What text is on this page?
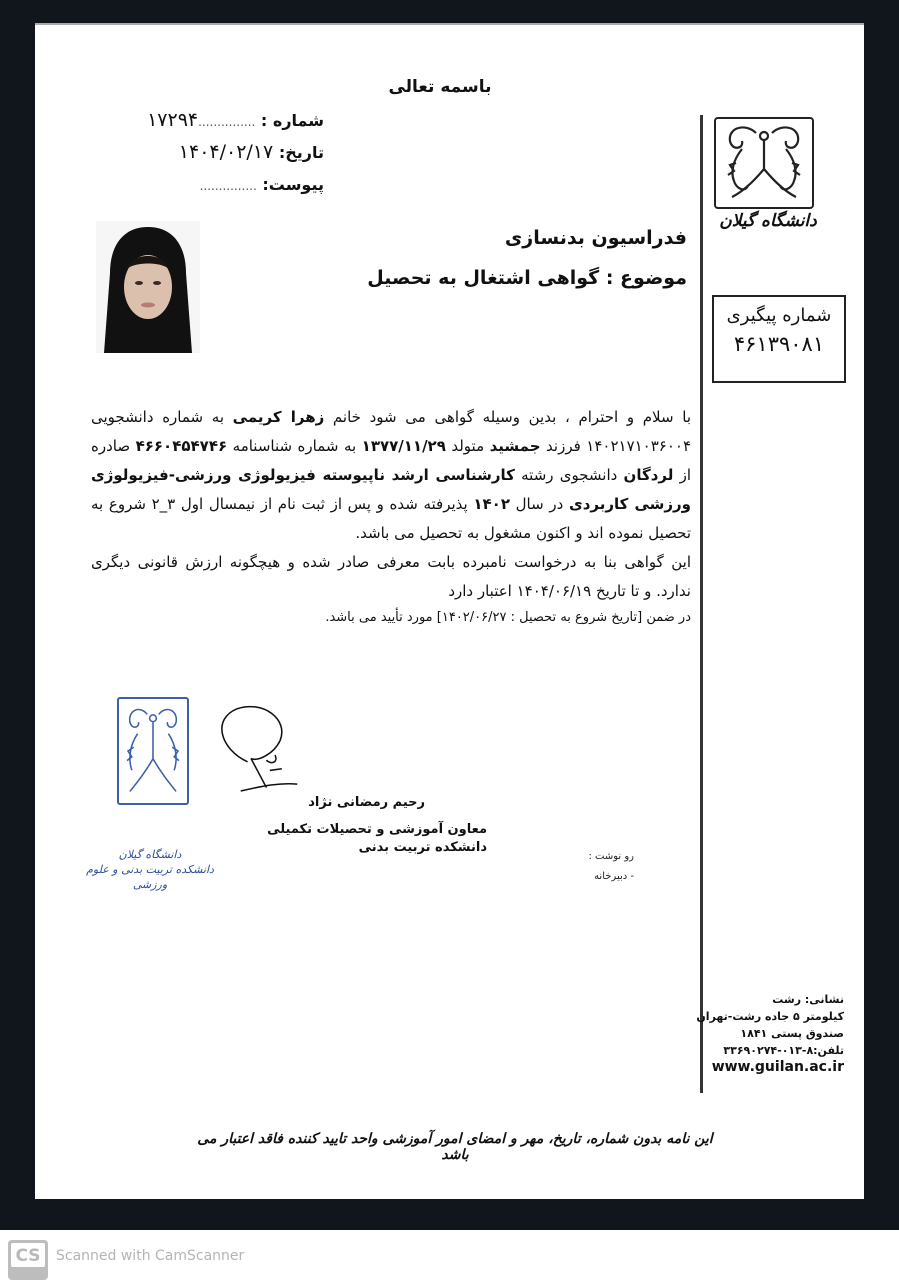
باسمه تعالی
شماره : ...............۱۷۲۹۴
تاریخ: ۱۴۰۴/۰۲/۱۷
پیوست: ...............
دانشگاه گیلان
شماره پیگیری
۴۶۱۳۹۰۸۱
فدراسیون بدنسازی
موضوع : گواهی اشتغال به تحصیل

با سلام و احترام ، بدین وسیله گواهی می شود خانم زهرا کریمی به شماره دانشجویی ۱۴۰۲۱۷۱۰۳۶۰۰۴ فرزند جمشید متولد ۱۳۷۷/۱۱/۲۹ به شماره شناسنامه ۴۶۶۰۴۵۴۷۴۶ صادره از لردگان دانشجوی رشته کارشناسی ارشد ناپیوسته فیزیولوژی ورزشی-فیزیولوژی ورزشی کاربردی در سال ۱۴۰۲ پذیرفته شده و پس از ثبت نام از نیمسال اول ۳_۲ شروع به تحصیل نموده اند و اکنون مشغول به تحصیل می باشد.

این گواهی بنا به درخواست نامبرده بابت معرفی صادر شده و هیچگونه ارزش قانونی دیگری ندارد. و تا تاریخ ۱۴۰۴/۰۶/۱۹ اعتبار دارد

در ضمن [تاریخ شروع به تحصیل : ۱۴۰۲/۰۶/۲۷] مورد تأیید می باشد.

دانشگاه گیلان
دانشکده تربیت بدنی و علوم ورزشی
رحیم رمضانی نژاد
معاون آموزشی و تحصیلات تکمیلی دانشکده تربیت بدنی
رو نوشت :
- دبیرخانه
نشانی: رشت
کیلومتر ۵ جاده رشت-تهران
صندوق پستی ۱۸۴۱
تلفن:۸-۰۱۳-۳۳۶۹۰۲۷۴
www.guilan.ac.ir
این نامه بدون شماره، تاریخ، مهر و امضای امور آموزشی واحد تایید کننده فاقد اعتبار می باشد
CS	Scanned with CamScanner
